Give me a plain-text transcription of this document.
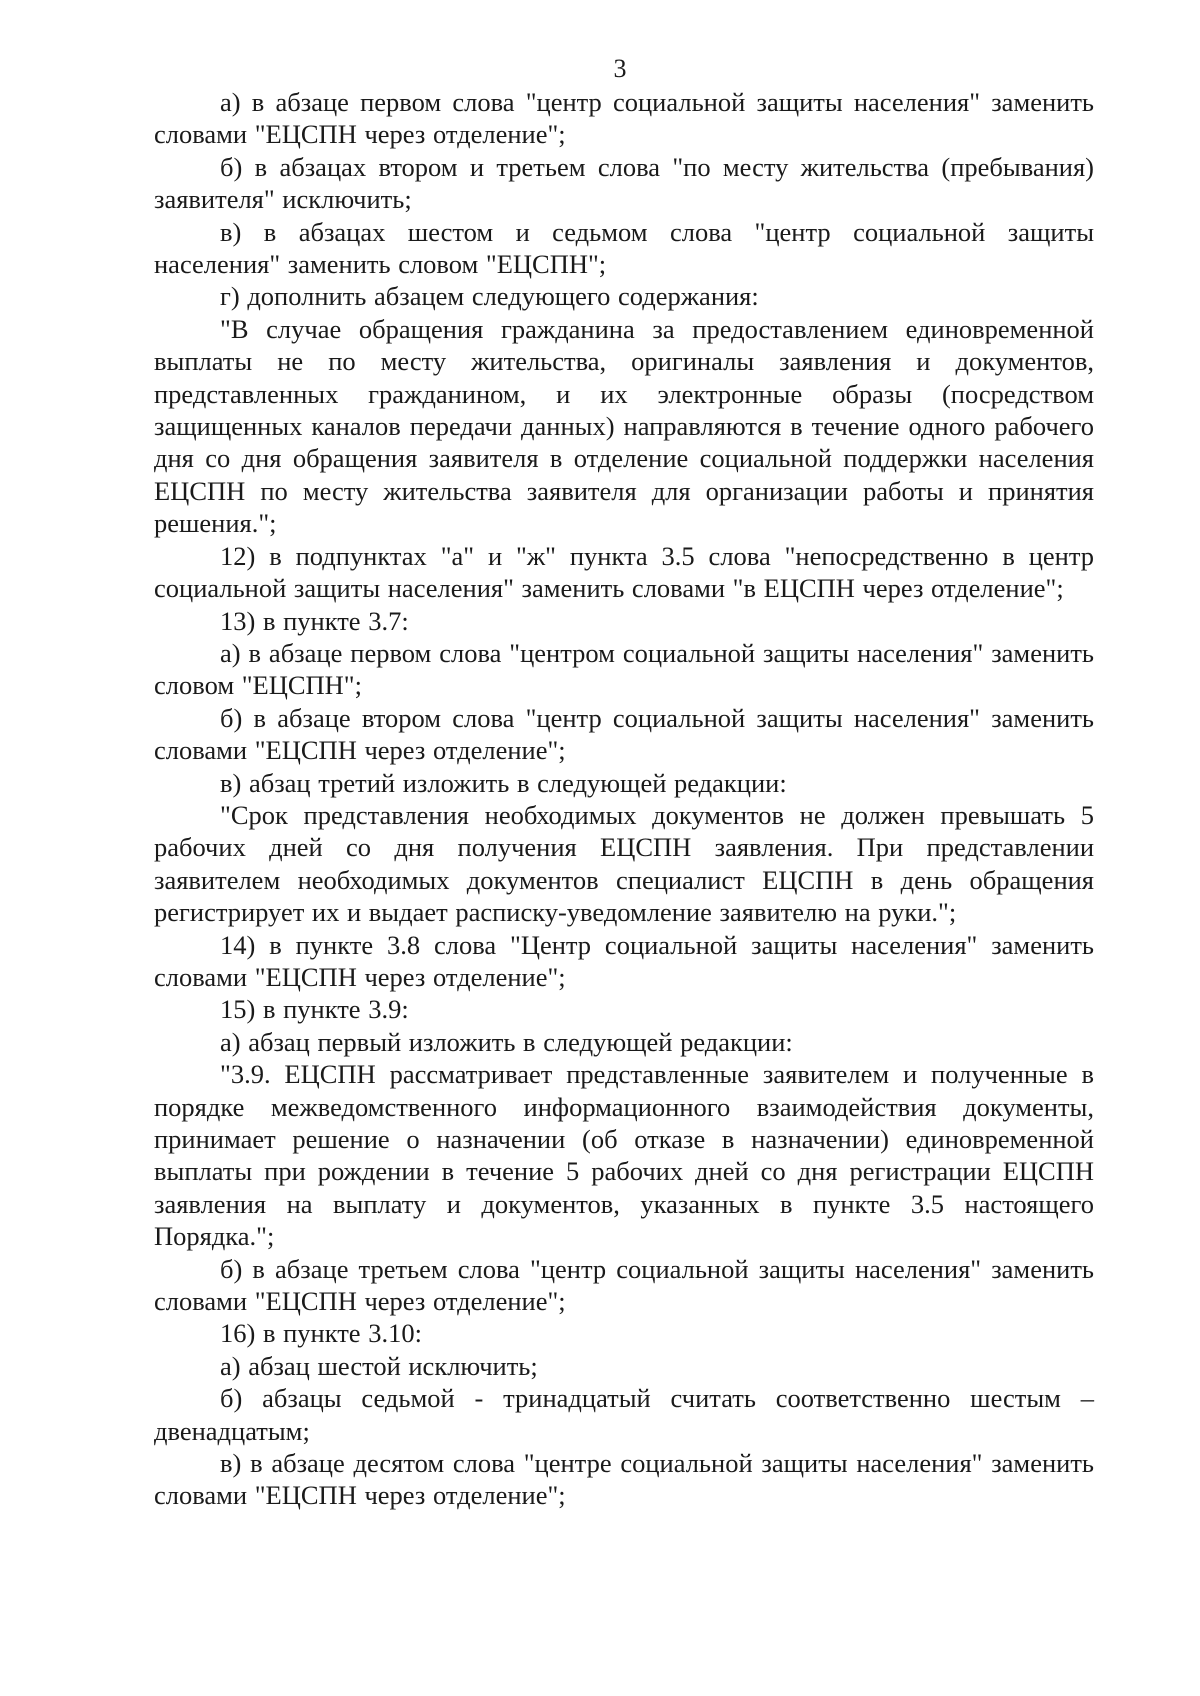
3

а) в абзаце первом слова "центр социальной защиты населения" заменить словами "ЕЦСПН через отделение";

б) в абзацах втором и третьем слова "по месту жительства (пребывания) заявителя" исключить;

в) в абзацах шестом и седьмом слова "центр социальной защиты населения" заменить словом "ЕЦСПН";

г) дополнить абзацем следующего содержания:

"В случае обращения гражданина за предоставлением единовременной выплаты не по месту жительства, оригиналы заявления и документов, представленных гражданином, и их электронные образы (посредством защищенных каналов передачи данных) направляются в течение одного рабочего дня со дня обращения заявителя в отделение социальной поддержки населения ЕЦСПН по месту жительства заявителя для организации работы и принятия решения.";

12) в подпунктах "а" и "ж" пункта 3.5 слова "непосредственно в центр социальной защиты населения" заменить словами "в ЕЦСПН через отделение";

13) в пункте 3.7:

а) в абзаце первом слова "центром социальной защиты населения" заменить словом "ЕЦСПН";

б) в абзаце втором слова "центр социальной защиты населения" заменить словами "ЕЦСПН через отделение";

в) абзац третий изложить в следующей редакции:

"Срок представления необходимых документов не должен превышать 5 рабочих дней со дня получения ЕЦСПН заявления. При представлении заявителем необходимых документов специалист ЕЦСПН в день обращения регистрирует их и выдает расписку-уведомление заявителю на руки.";

14) в пункте 3.8 слова "Центр социальной защиты населения" заменить словами "ЕЦСПН через отделение";

15) в пункте 3.9:

а) абзац первый изложить в следующей редакции:

"3.9. ЕЦСПН рассматривает представленные заявителем и полученные в порядке межведомственного информационного взаимодействия документы, принимает решение о назначении (об отказе в назначении) единовременной выплаты при рождении в течение 5 рабочих дней со дня регистрации ЕЦСПН заявления на выплату и документов, указанных в пункте 3.5 настоящего Порядка.";

б) в абзаце третьем слова "центр социальной защиты населения" заменить словами "ЕЦСПН через отделение";

16) в пункте 3.10:

а) абзац шестой исключить;

б) абзацы седьмой - тринадцатый считать соответственно шестым – двенадцатым;

в) в абзаце десятом слова "центре социальной защиты населения" заменить словами "ЕЦСПН через отделение";
